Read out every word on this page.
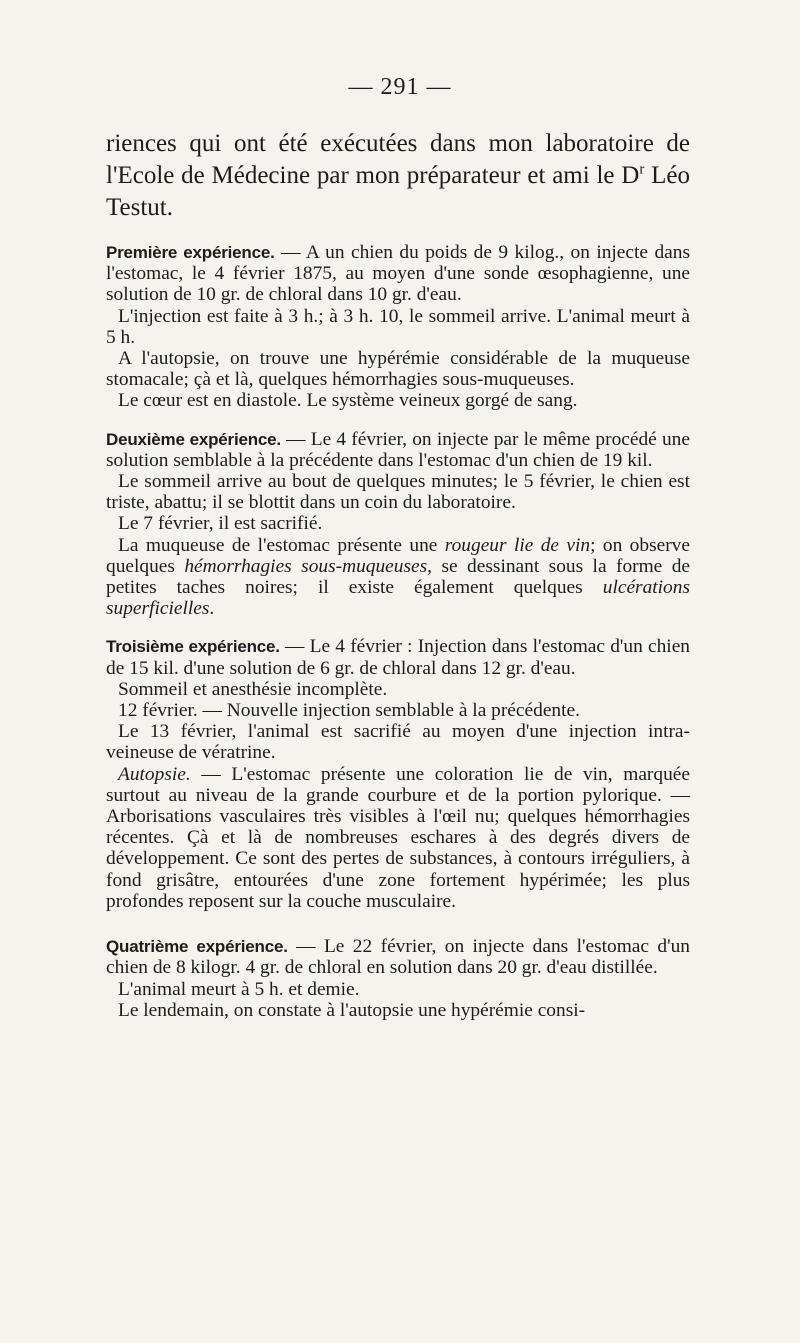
— 291 —

riences qui ont été exécutées dans mon laboratoire de l'Ecole de Médecine par mon préparateur et ami le $D^r$ Léo Testut.

Première expérience. — A un chien du poids de 9 kilog., on injecte dans l'estomac, le 4 février 1875, au moyen d'une sonde œsophagienne, une solution de 10 gr. de chloral dans 10 gr. d'eau.

L'injection est faite à 3 h.; à 3 h. 10, le sommeil arrive. L'animal meurt à 5 h.

A l'autopsie, on trouve une hypérémie considérable de la muqueuse stomacale; çà et là, quelques hémorrhagies sous-muqueuses.

Le cœur est en diastole. Le système veineux gorgé de sang.

Deuxième expérience. — Le 4 février, on injecte par le même procédé une solution semblable à la précédente dans l'estomac d'un chien de 19 kil.

Le sommeil arrive au bout de quelques minutes; le 5 février, le chien est triste, abattu; il se blottit dans un coin du laboratoire.

Le 7 février, il est sacrifié.

La muqueuse de l'estomac présente une rougeur lie de vin; on observe quelques hémorrhagies sous-muqueuses, se dessinant sous la forme de petites taches noires; il existe également quelques ulcérations superficielles.

Troisième expérience. — Le 4 février : Injection dans l'estomac d'un chien de 15 kil. d'une solution de 6 gr. de chloral dans 12 gr. d'eau.

Sommeil et anesthésie incomplète.

12 février. — Nouvelle injection semblable à la précédente.

Le 13 février, l'animal est sacrifié au moyen d'une injection intra-veineuse de vératrine.

Autopsie. — L'estomac présente une coloration lie de vin, marquée surtout au niveau de la grande courbure et de la portion pylorique. — Arborisations vasculaires très visibles à l'œil nu; quelques hémorrhagies récentes. Çà et là de nombreuses eschares à des degrés divers de développement. Ce sont des pertes de substances, à contours irréguliers, à fond grisâtre, entourées d'une zone fortement hypérimée; les plus profondes reposent sur la couche musculaire.

Quatrième expérience. — Le 22 février, on injecte dans l'estomac d'un chien de 8 kilogr. 4 gr. de chloral en solution dans 20 gr. d'eau distillée.

L'animal meurt à 5 h. et demie.

Le lendemain, on constate à l'autopsie une hypérémie consi-
